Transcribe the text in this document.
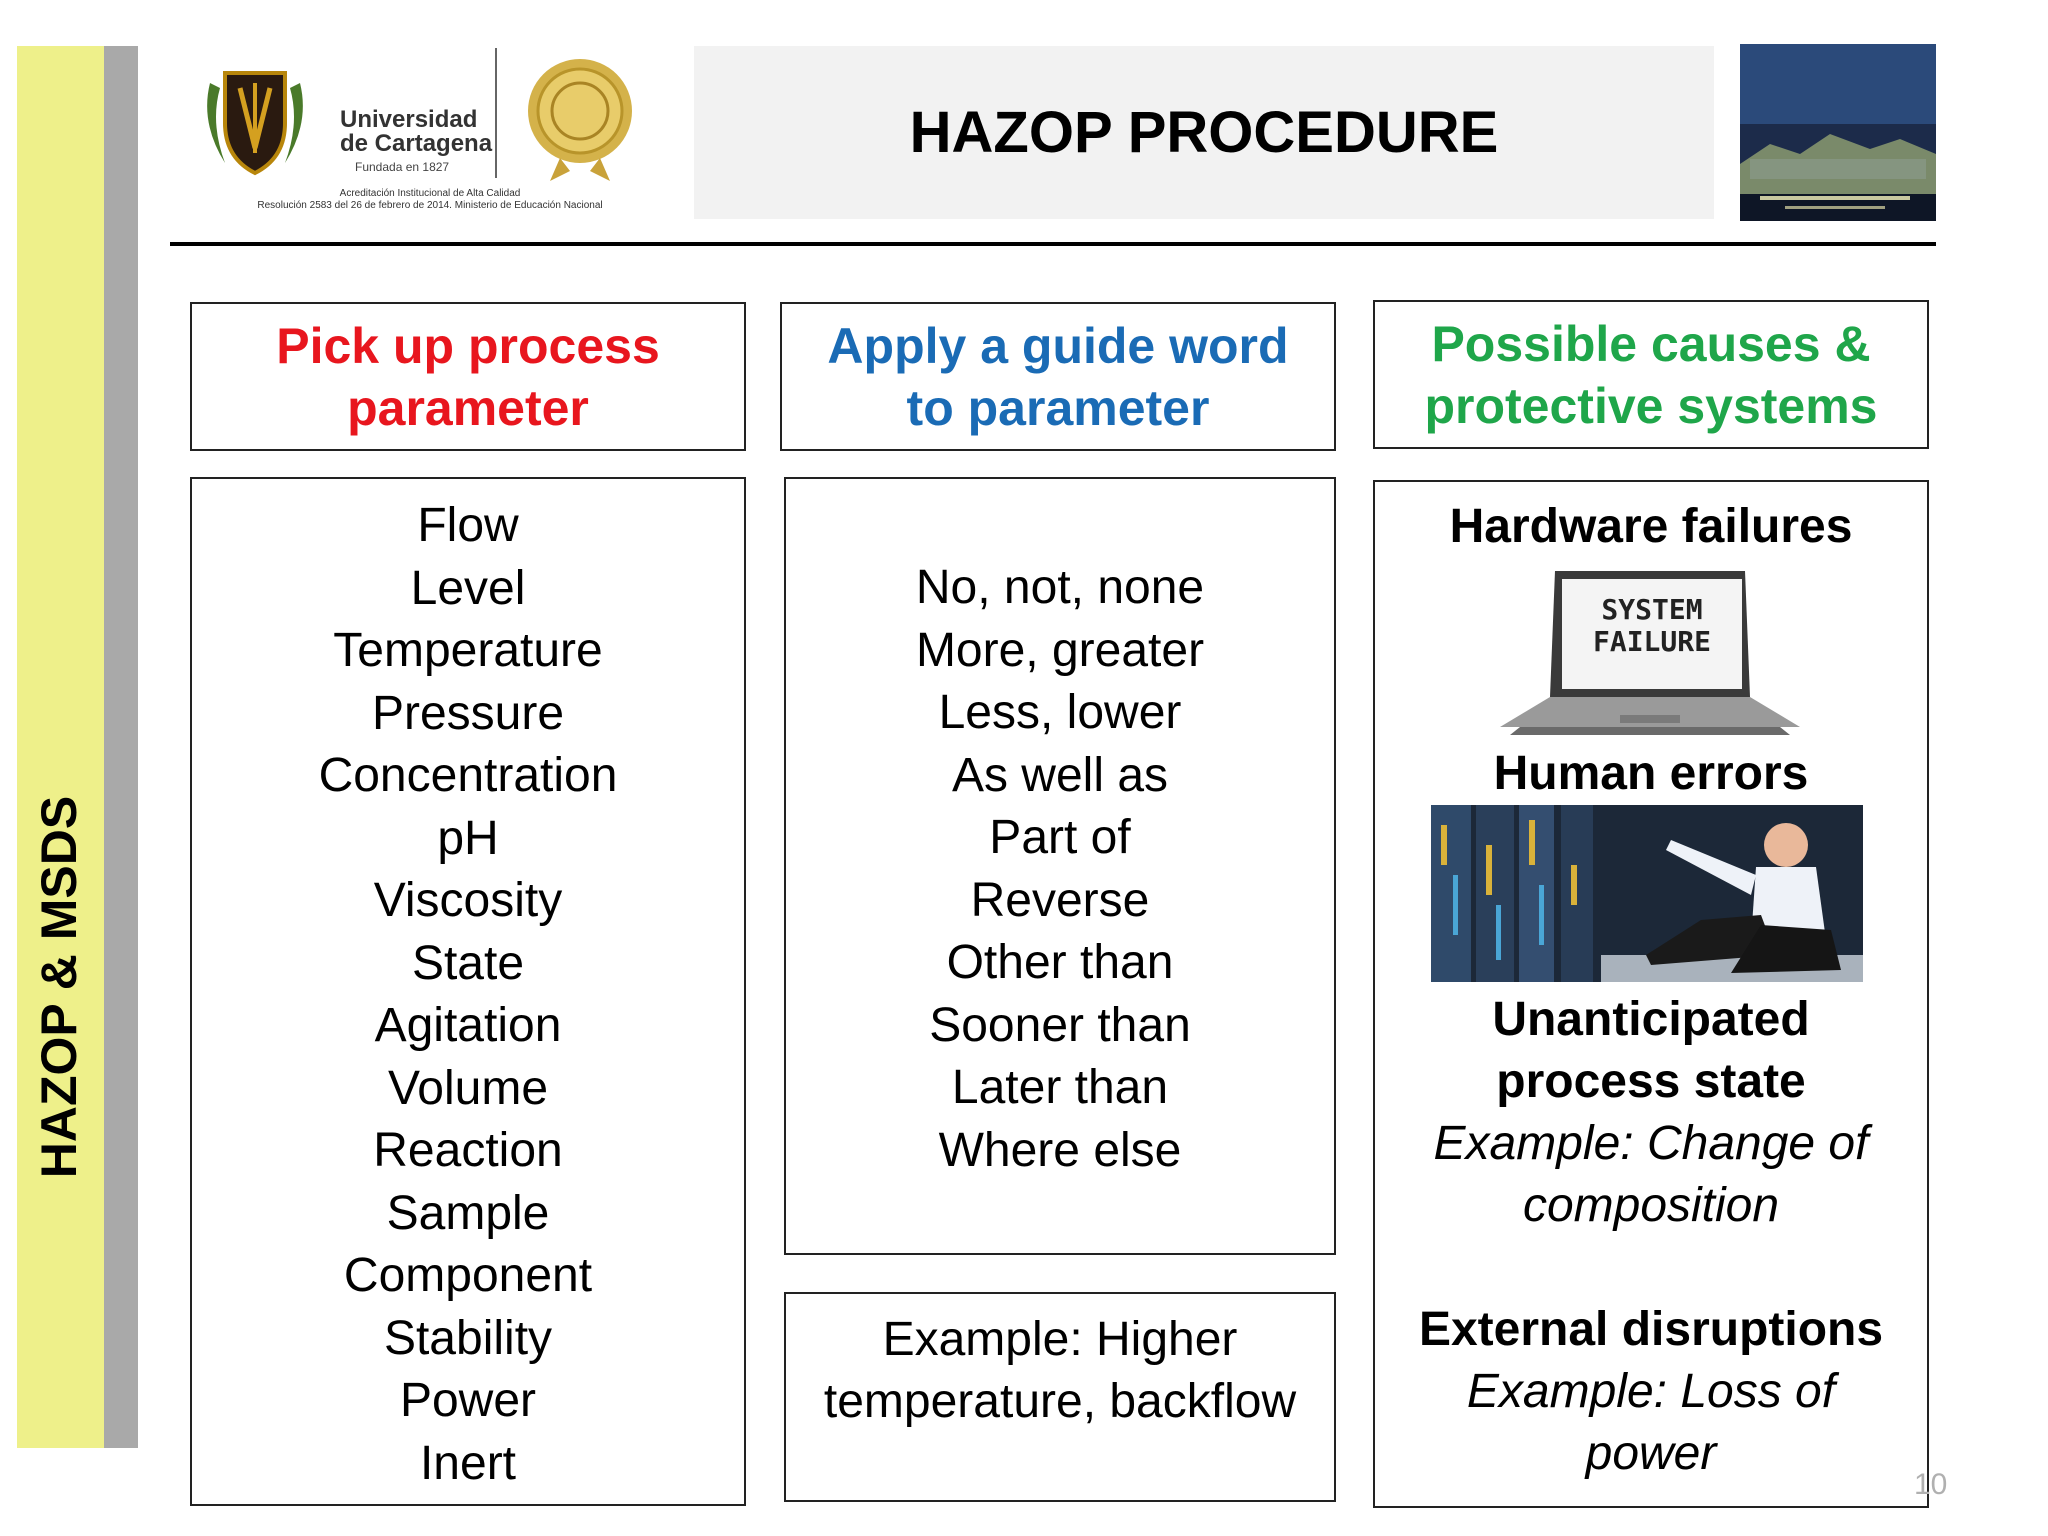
HAZOP & MSDS
Universidad
de Cartagena
Fundada en 1827
Acreditación Institucional de Alta Calidad
Resolución 2583 del 26 de febrero de 2014. Ministerio de Educación Nacional
HAZOP PROCEDURE
Pick up process
parameter
Apply a guide word
to parameter
Possible causes &
protective systems
Flow
Level
Temperature
Pressure
Concentration
pH
Viscosity
State
Agitation
Volume
Reaction
Sample
Component
Stability
Power
Inert
No, not, none
More, greater
Less, lower
As well as
Part of
Reverse
Other than
Sooner than
Later than
Where else
Example: Higher
temperature, backflow
Hardware failures
SYSTEM
FAILURE
Human errors
Unanticipated
process state
Example: Change of
composition
External disruptions
Example: Loss of
power
10
